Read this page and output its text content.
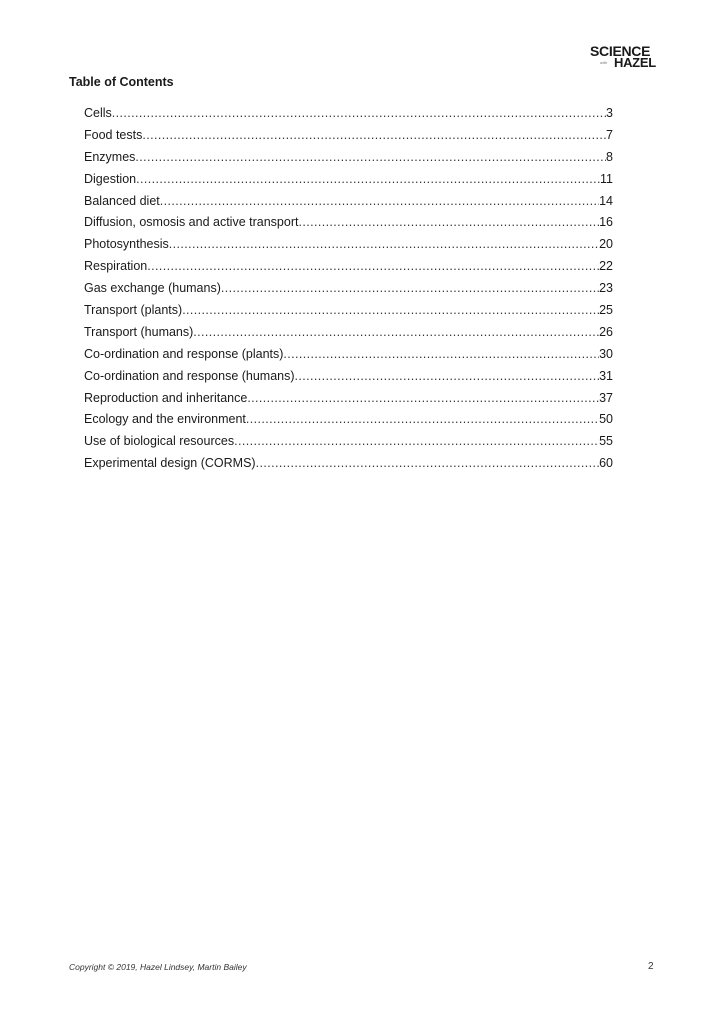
SCIENCE
with HAZEL
Table of Contents
Cells .....	3
Food tests .....	7
Enzymes .....	8
Digestion .....	11
Balanced diet .....	14
Diffusion, osmosis and active transport .....	16
Photosynthesis .....	20
Respiration .....	22
Gas exchange (humans) .....	23
Transport (plants) .....	25
Transport (humans) .....	26
Co-ordination and response (plants) .....	30
Co-ordination and response (humans) .....	31
Reproduction and inheritance .....	37
Ecology and the environment .....	50
Use of biological resources .....	55
Experimental design (CORMS) .....	60
Copyright © 2019, Hazel Lindsey, Martin Bailey	2
